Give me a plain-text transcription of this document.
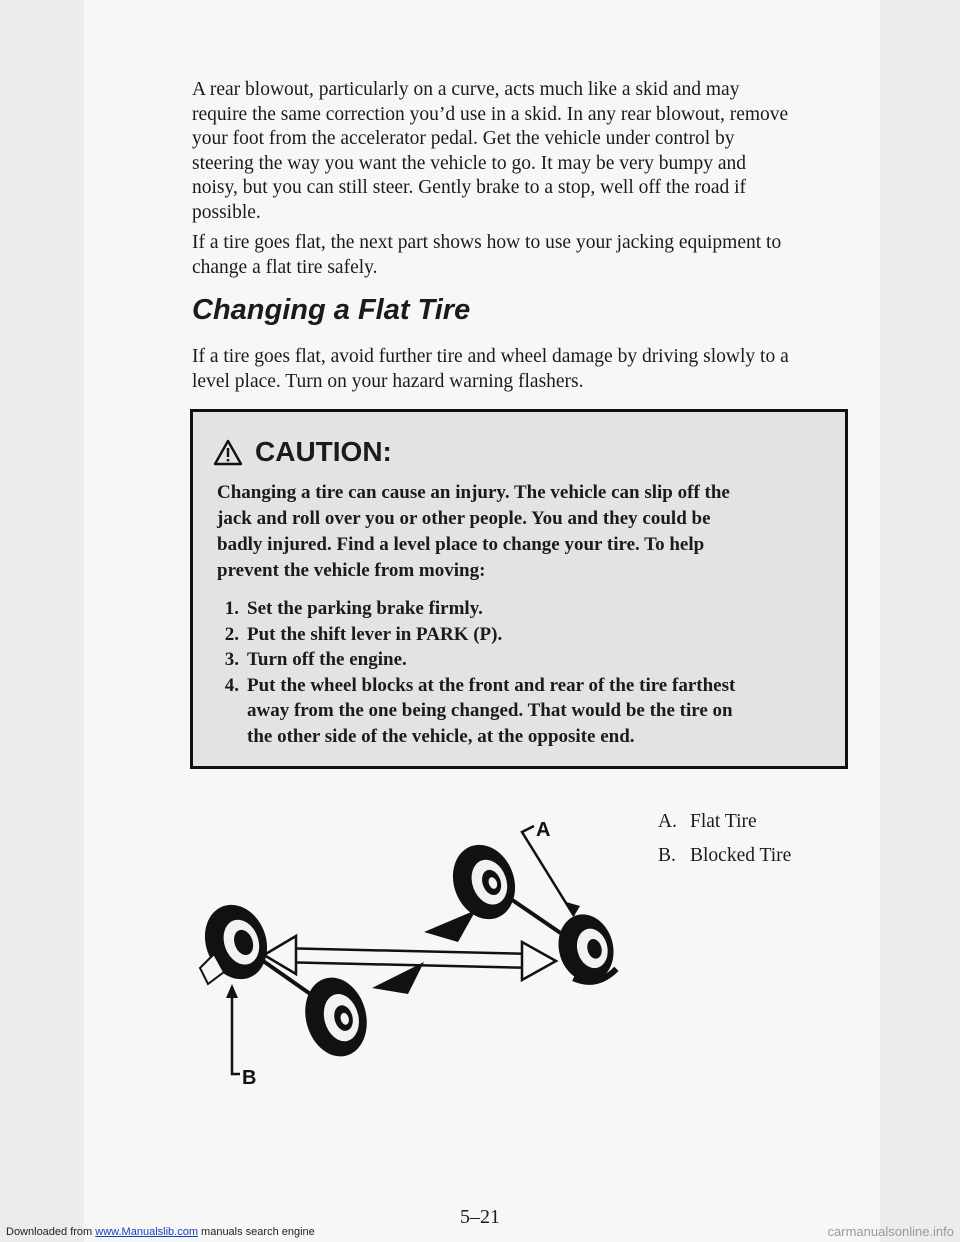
A rear blowout, particularly on a curve, acts much like a skid and may
require the same correction you’d use in a skid. In any rear blowout, remove
your foot from the accelerator pedal. Get the vehicle under control by
steering the way you want the vehicle to go. It may be very bumpy and
noisy, but you can still steer. Gently brake to a stop, well off the road if
possible.

If a tire goes flat, the next part shows how to use your jacking equipment to
change a flat tire safely.

Changing a Flat Tire

If a tire goes flat, avoid further tire and wheel damage by driving slowly to a
level place. Turn on your hazard warning flashers.

CAUTION:

Changing a tire can cause an injury. The vehicle can slip off the
jack and roll over you or other people. You and they could be
badly injured. Find a level place to change your tire. To help
prevent the vehicle from moving:

1. Set the parking brake firmly.
2. Put the shift lever in PARK (P).
3. Turn off the engine.
4. Put the wheel blocks at the front and rear of the tire farthest
away from the one being changed. That would be the tire on
the other side of the vehicle, at the opposite end.
A
B
A. Flat Tire
B. Blocked Tire
5–21
Downloaded from www.Manualslib.com manuals search engine	carmanualsonline.info
